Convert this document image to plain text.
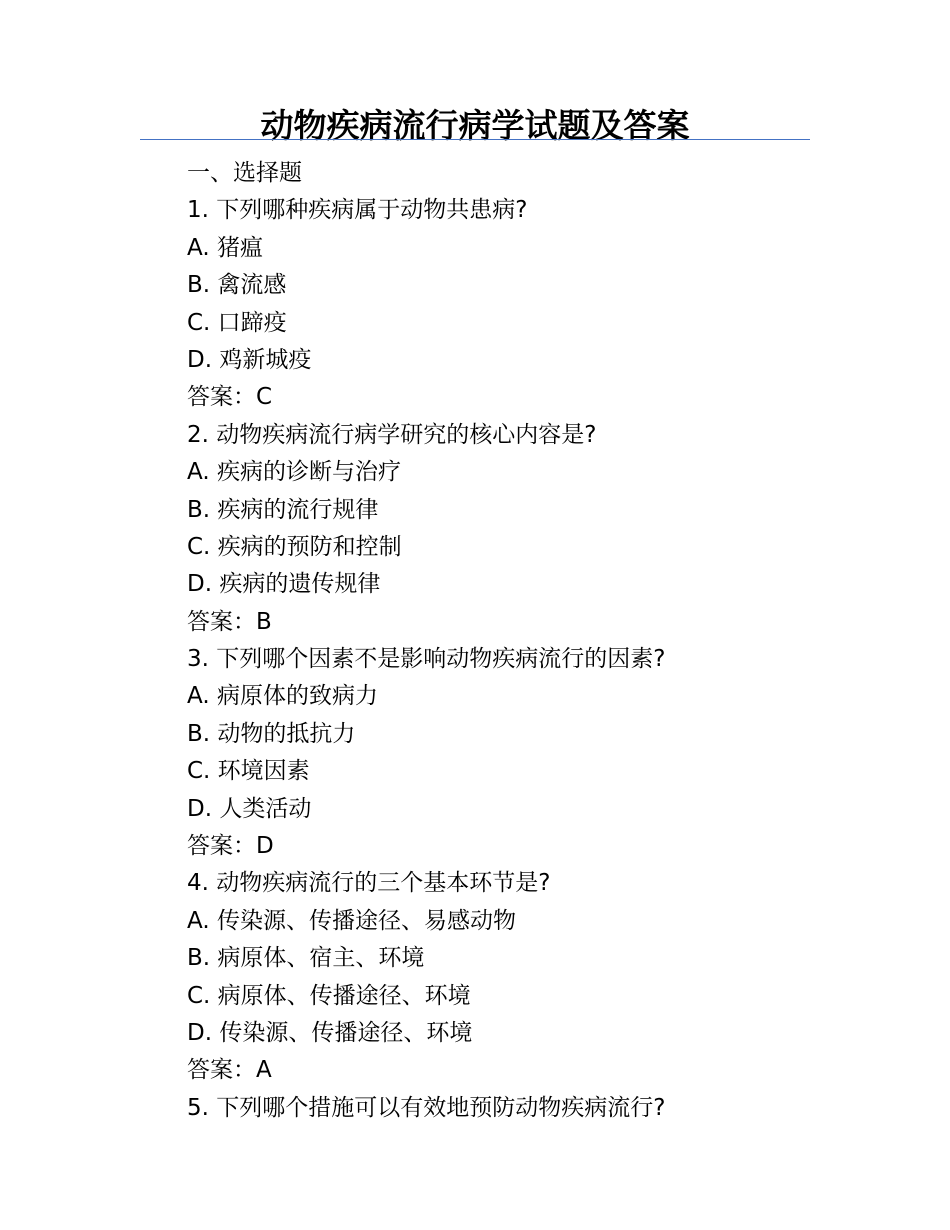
动物疾病流行病学试题及答案
一、选择题
1. 下列哪种疾病属于动物共患病?
A. 猪瘟
B. 禽流感
C. 口蹄疫
D. 鸡新城疫
答案：C
2. 动物疾病流行病学研究的核心内容是?
A. 疾病的诊断与治疗
B. 疾病的流行规律
C. 疾病的预防和控制
D. 疾病的遗传规律
答案：B
3. 下列哪个因素不是影响动物疾病流行的因素?
A. 病原体的致病力
B. 动物的抵抗力
C. 环境因素
D. 人类活动
答案：D
4. 动物疾病流行的三个基本环节是?
A. 传染源、传播途径、易感动物
B. 病原体、宿主、环境
C. 病原体、传播途径、环境
D. 传染源、传播途径、环境
答案：A
5. 下列哪个措施可以有效地预防动物疾病流行?
